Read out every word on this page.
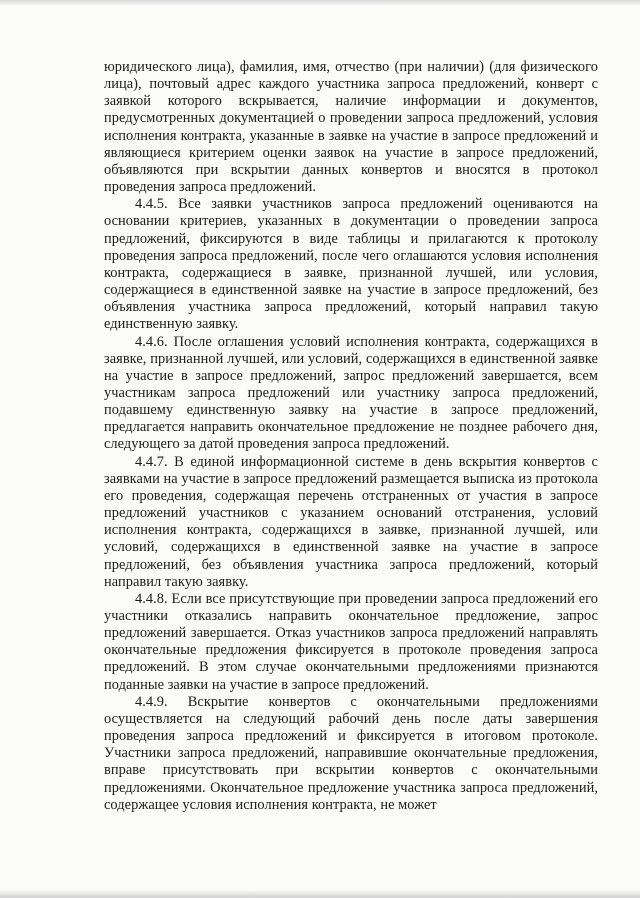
юридического лица), фамилия, имя, отчество (при наличии) (для физического лица), почтовый адрес каждого участника запроса предложений, конверт с заявкой которого вскрывается, наличие информации и документов, предусмотренных документацией о проведении запроса предложений, условия исполнения контракта, указанные в заявке на участие в запросе предложений и являющиеся критерием оценки заявок на участие в запросе предложений, объявляются при вскрытии данных конвертов и вносятся в протокол проведения запроса предложений.

4.4.5. Все заявки участников запроса предложений оцениваются на основании критериев, указанных в документации о проведении запроса предложений, фиксируются в виде таблицы и прилагаются к протоколу проведения запроса предложений, после чего оглашаются условия исполнения контракта, содержащиеся в заявке, признанной лучшей, или условия, содержащиеся в единственной заявке на участие в запросе предложений, без объявления участника запроса предложений, который направил такую единственную заявку.

4.4.6. После оглашения условий исполнения контракта, содержащихся в заявке, признанной лучшей, или условий, содержащихся в единственной заявке на участие в запросе предложений, запрос предложений завершается, всем участникам запроса предложений или участнику запроса предложений, подавшему единственную заявку на участие в запросе предложений, предлагается направить окончательное предложение не позднее рабочего дня, следующего за датой проведения запроса предложений.

4.4.7. В единой информационной системе в день вскрытия конвертов с заявками на участие в запросе предложений размещается выписка из протокола его проведения, содержащая перечень отстраненных от участия в запросе предложений участников с указанием оснований отстранения, условий исполнения контракта, содержащихся в заявке, признанной лучшей, или условий, содержащихся в единственной заявке на участие в запросе предложений, без объявления участника запроса предложений, который направил такую заявку.

4.4.8. Если все присутствующие при проведении запроса предложений его участники отказались направить окончательное предложение, запрос предложений завершается. Отказ участников запроса предложений направлять окончательные предложения фиксируется в протоколе проведения запроса предложений. В этом случае окончательными предложениями признаются поданные заявки на участие в запросе предложений.

4.4.9. Вскрытие конвертов с окончательными предложениями осуществляется на следующий рабочий день после даты завершения проведения запроса предложений и фиксируется в итоговом протоколе. Участники запроса предложений, направившие окончательные предложения, вправе присутствовать при вскрытии конвертов с окончательными предложениями. Окончательное предложение участника запроса предложений, содержащее условия исполнения контракта, не может
